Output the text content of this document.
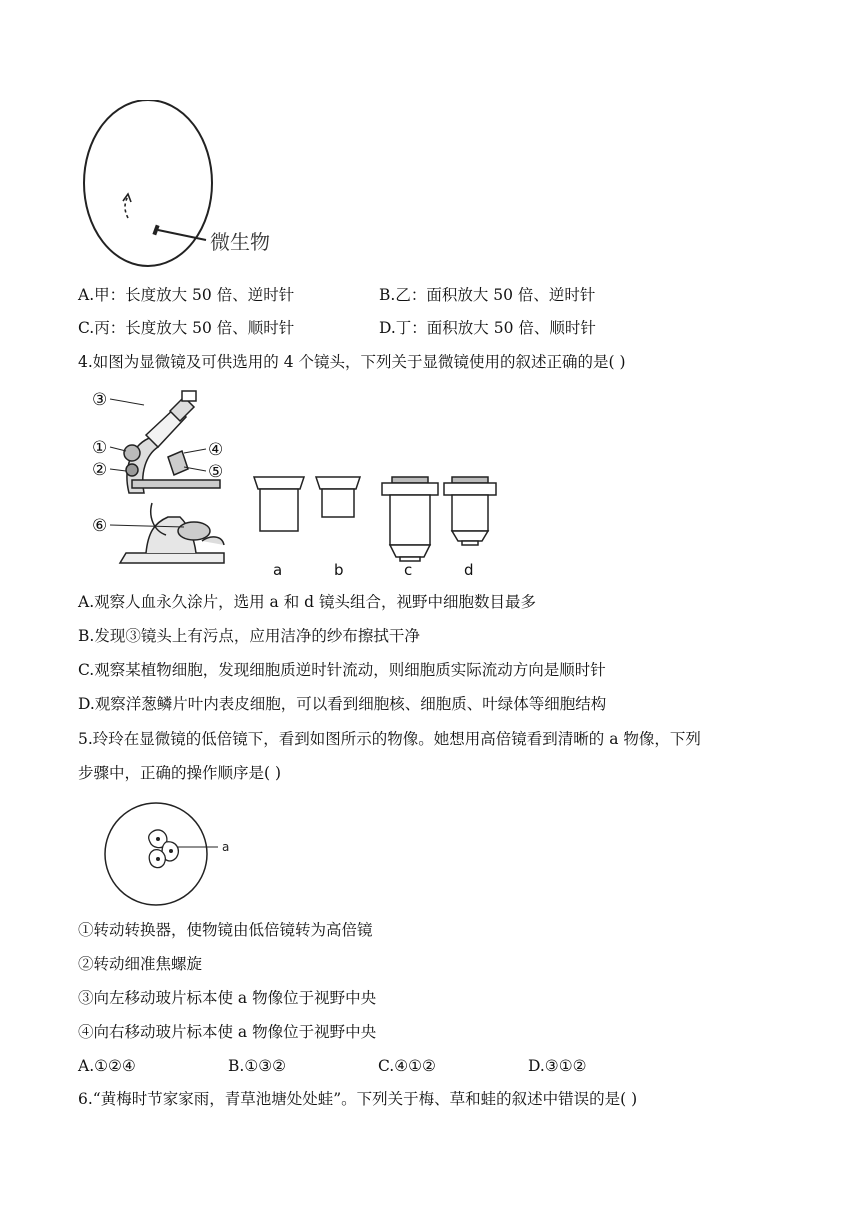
微生物
A.甲：长度放大 50 倍、逆时针	B.乙：面积放大 50 倍、逆时针
C.丙：长度放大 50 倍、顺时针	D.丁：面积放大 50 倍、顺时针
4.如图为显微镜及可供选用的 4 个镜头，下列关于显微镜使用的叙述正确的是( )
③
①
②
④
⑤
⑥
a	b	c	d
A.观察人血永久涂片，选用 a 和 d 镜头组合，视野中细胞数目最多
B.发现③镜头上有污点，应用洁净的纱布擦拭干净
C.观察某植物细胞，发现细胞质逆时针流动，则细胞质实际流动方向是顺时针
D.观察洋葱鳞片叶内表皮细胞，可以看到细胞核、细胞质、叶绿体等细胞结构
5.玲玲在显微镜的低倍镜下，看到如图所示的物像。她想用高倍镜看到清晰的 a 物像，下列
步骤中，正确的操作顺序是( )
a
①转动转换器，使物镜由低倍镜转为高倍镜
②转动细准焦螺旋
③向左移动玻片标本使 a 物像位于视野中央
④向右移动玻片标本使 a 物像位于视野中央
A.①②④	B.①③②	C.④①②	D.③①②
6.“黄梅时节家家雨，青草池塘处处蛙”。下列关于梅、草和蛙的叙述中错误的是( )
